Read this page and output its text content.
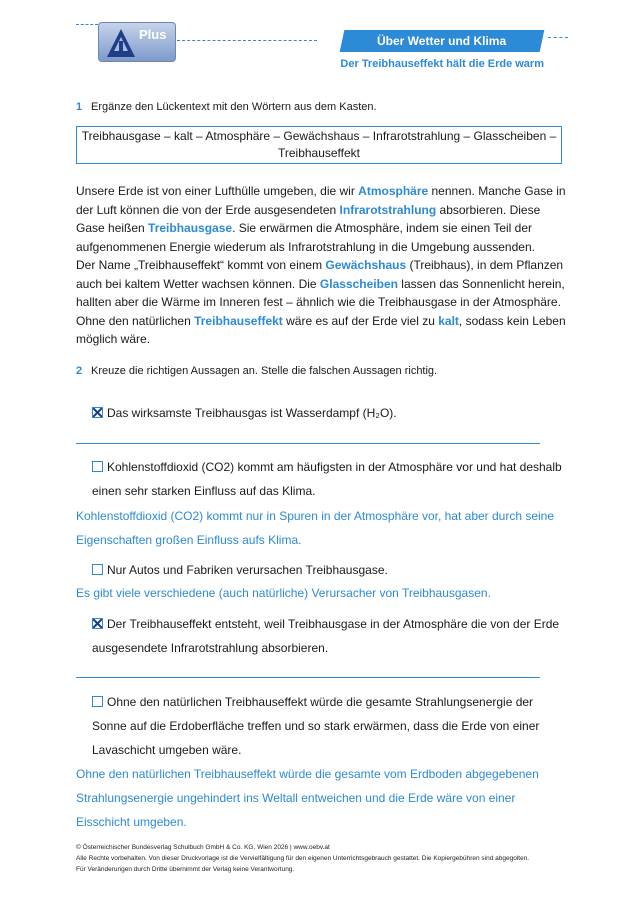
Plus	Über Wetter und Klima
Der Treibhauseffekt hält die Erde warm
1 Ergänze den Lückentext mit den Wörtern aus dem Kasten.
Treibhausgase – kalt – Atmosphäre – Gewächshaus – Infrarotstrahlung – Glasscheiben –
Treibhauseffekt
Unsere Erde ist von einer Lufthülle umgeben, die wir Atmosphäre nennen. Manche Gase in der Luft können die von der Erde ausgesendeten Infrarotstrahlung absorbieren. Diese Gase heißen Treibhausgase. Sie erwärmen die Atmosphäre, indem sie einen Teil der aufgenommenen Energie wiederum als Infrarotstrahlung in die Umgebung aussenden.
Der Name „Treibhauseffekt“ kommt von einem Gewächshaus (Treibhaus), in dem Pflanzen auch bei kaltem Wetter wachsen können. Die Glasscheiben lassen das Sonnenlicht herein, hallten aber die Wärme im Inneren fest – ähnlich wie die Treibhausgase in der Atmosphäre. Ohne den natürlichen Treibhauseffekt wäre es auf der Erde viel zu kalt, sodass kein Leben möglich wäre.
2 Kreuze die richtigen Aussagen an. Stelle die falschen Aussagen richtig.
Das wirksamste Treibhausgas ist Wasserdampf (H₂O).
Kohlenstoffdioxid (CO2) kommt am häufigsten in der Atmosphäre vor und hat deshalb einen sehr starken Einfluss auf das Klima.
Kohlenstoffdioxid (CO2) kommt nur in Spuren in der Atmosphäre vor, hat aber durch seine Eigenschaften großen Einfluss aufs Klima.
Nur Autos und Fabriken verursachen Treibhausgase.
Es gibt viele verschiedene (auch natürliche) Verursacher von Treibhausgasen.
Der Treibhauseffekt entsteht, weil Treibhausgase in der Atmosphäre die von der Erde ausgesendete Infrarotstrahlung absorbieren.
Ohne den natürlichen Treibhauseffekt würde die gesamte Strahlungsenergie der Sonne auf die Erdoberfläche treffen und so stark erwärmen, dass die Erde von einer Lavaschicht umgeben wäre.
Ohne den natürlichen Treibhauseffekt würde die gesamte vom Erdboden abgegebenen Strahlungsenergie ungehindert ins Weltall entweichen und die Erde wäre von einer Eisschicht umgeben.
© Österreichischer Bundesverlag Schulbuch GmbH & Co. KG, Wien 2026 | www.oebv.at
Alle Rechte vorbehalten. Von dieser Druckvorlage ist die Vervielfältigung für den eigenen Unterrichtsgebrauch gestattet. Die Kopiergebühren sind abgegolten.
Für Veränderungen durch Dritte übernimmt der Verlag keine Verantwortung.
